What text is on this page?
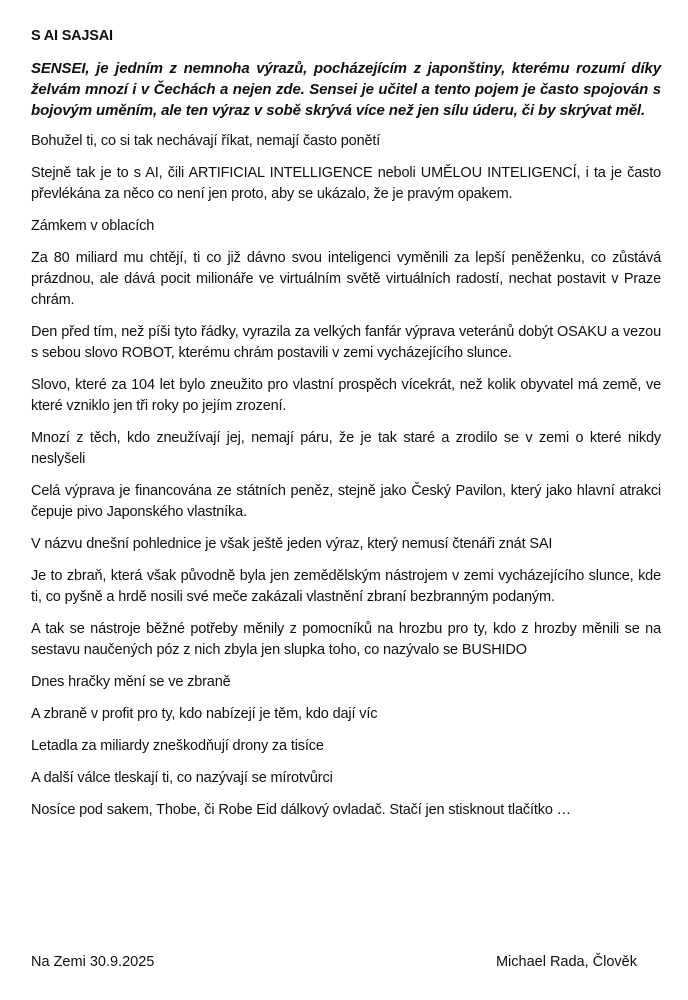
S AI SAJSAI
SENSEI, je jedním z nemnoha výrazů, pocházejícím z japonštiny, kterému rozumí díky želvám mnozí i v Čechách a nejen zde. Sensei je učitel a tento pojem je často spojován s bojovým uměním, ale ten výraz v sobě skrývá více než jen sílu úderu, či by skrývat měl.
Bohužel ti, co si tak nechávají říkat, nemají často ponětí
Stejně tak je to s AI, čili ARTIFICIAL INTELLIGENCE neboli UMĚLOU INTELIGENCÍ, i ta je často převlékána za něco co není jen proto, aby se ukázalo, že je pravým opakem.
Zámkem v oblacích
Za 80 miliard mu chtějí, ti co již dávno svou inteligenci vyměnili za lepší peněženku, co zůstává prázdnou, ale dává pocit milionáře ve virtuálním světě virtuálních radostí, nechat postavit v Praze chrám.
Den před tím, než píši tyto řádky, vyrazila za velkých fanfár výprava veteránů dobýt OSAKU a vezou s sebou slovo ROBOT, kterému chrám postavili v zemi vycházejícího slunce.
Slovo, které za 104 let bylo zneužito pro vlastní prospěch vícekrát, než kolik obyvatel má země, ve které vzniklo jen tři roky po jejím zrození.
Mnozí z těch, kdo zneužívají jej, nemají páru, že je tak staré a zrodilo se v zemi o které nikdy neslyšeli
Celá výprava je financována ze státních peněz, stejně jako Český Pavilon, který jako hlavní atrakci čepuje pivo Japonského vlastníka.
V názvu dnešní pohlednice je však ještě jeden výraz, který nemusí čtenáři znát SAI
Je to zbraň, která však původně byla jen zemědělským nástrojem v zemi vycházejícího slunce, kde ti, co pyšně a hrdě nosili své meče zakázali vlastnění zbraní bezbranným podaným.
A tak se nástroje běžné potřeby měnily z pomocníků na hrozbu pro ty, kdo z hrozby měnili se na sestavu naučených póz z nich zbyla jen slupka toho, co nazývalo se BUSHIDO
Dnes hračky mění se ve zbraně
A zbraně v profit pro ty, kdo nabízejí je těm, kdo dají víc
Letadla za miliardy zneškodňují drony za tisíce
A další válce tleskají ti, co nazývají se mírotvůrci
Nosíce pod sakem, Thobe, či Robe Eid dálkový ovladač. Stačí jen stisknout tlačítko …
Na Zemi 30.9.2025	Michael Rada, Člověk
